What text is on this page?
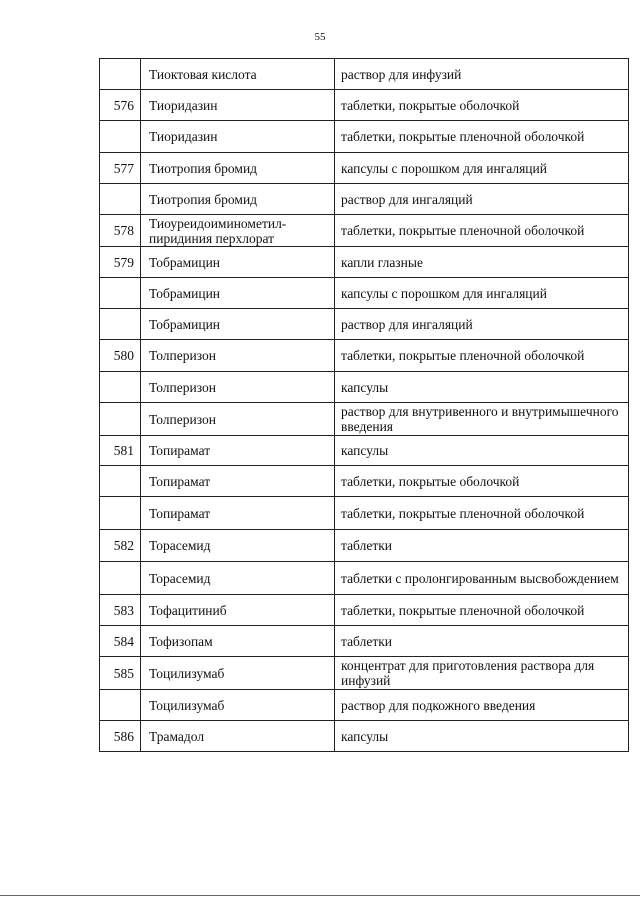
55
	Тиоктовая кислота	раствор для инфузий
576	Тиоридазин	таблетки, покрытые оболочкой
	Тиоридазин	таблетки, покрытые пленочной оболочкой
577	Тиотропия бромид	капсулы с порошком для ингаляций
	Тиотропия бромид	раствор для ингаляций
578	Тиоуреидоиминометил-пиридиния перхлорат	таблетки, покрытые пленочной оболочкой
579	Тобрамицин	капли глазные
	Тобрамицин	капсулы с порошком для ингаляций
	Тобрамицин	раствор для ингаляций
580	Толперизон	таблетки, покрытые пленочной оболочкой
	Толперизон	капсулы
	Толперизон	раствор для внутривенного и внутримышечного введения
581	Топирамат	капсулы
	Топирамат	таблетки, покрытые оболочкой
	Топирамат	таблетки, покрытые пленочной оболочкой
582	Торасемид	таблетки
	Торасемид	таблетки с пролонгированным высвобождением
583	Тофацитиниб	таблетки, покрытые пленочной оболочкой
584	Тофизопам	таблетки
585	Тоцилизумаб	концентрат для приготовления раствора для инфузий
	Тоцилизумаб	раствор для подкожного введения
586	Трамадол	капсулы
